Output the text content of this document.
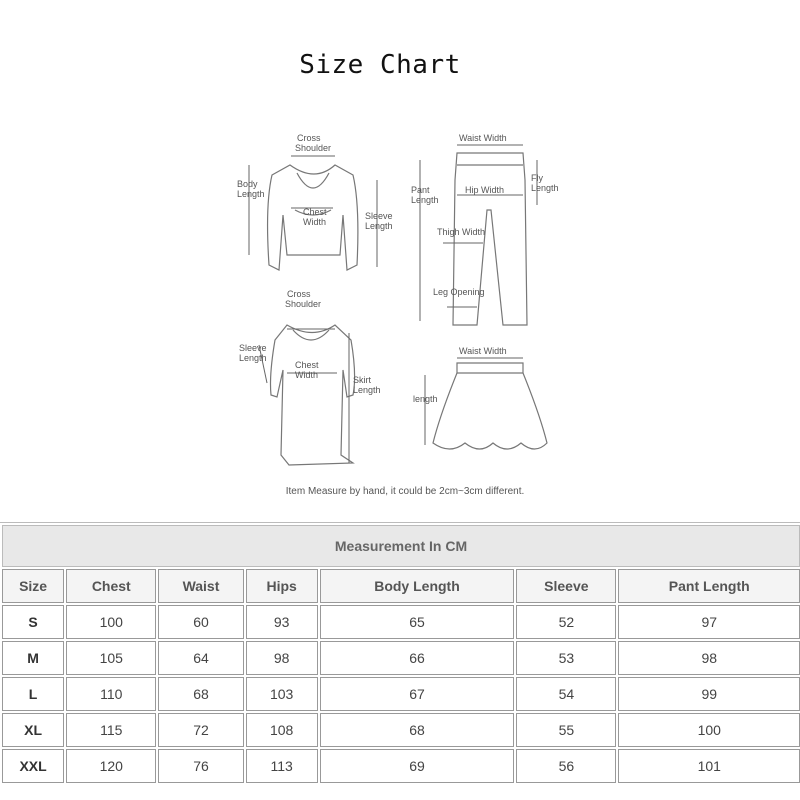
Size Chart
Cross
Shoulder
Body
Length
Chest
Width
Sleeve
Length
Waist Width
Pant
Length
Fly
Length
Hip Width
Thigh Width
Leg Opening
Cross
Shoulder
Sleeve
Length
Chest
Width	Skirt
Length
Waist Width
length
Item Measure by hand, it could be 2cm~3cm different.
Measurement In CM						
Size	Chest	Waist	Hips	Body Length	Sleeve	Pant Length
S	100	60	93	65	52	97
M	105	64	98	66	53	98
L	110	68	103	67	54	99
XL	115	72	108	68	55	100
XXL	120	76	113	69	56	101
